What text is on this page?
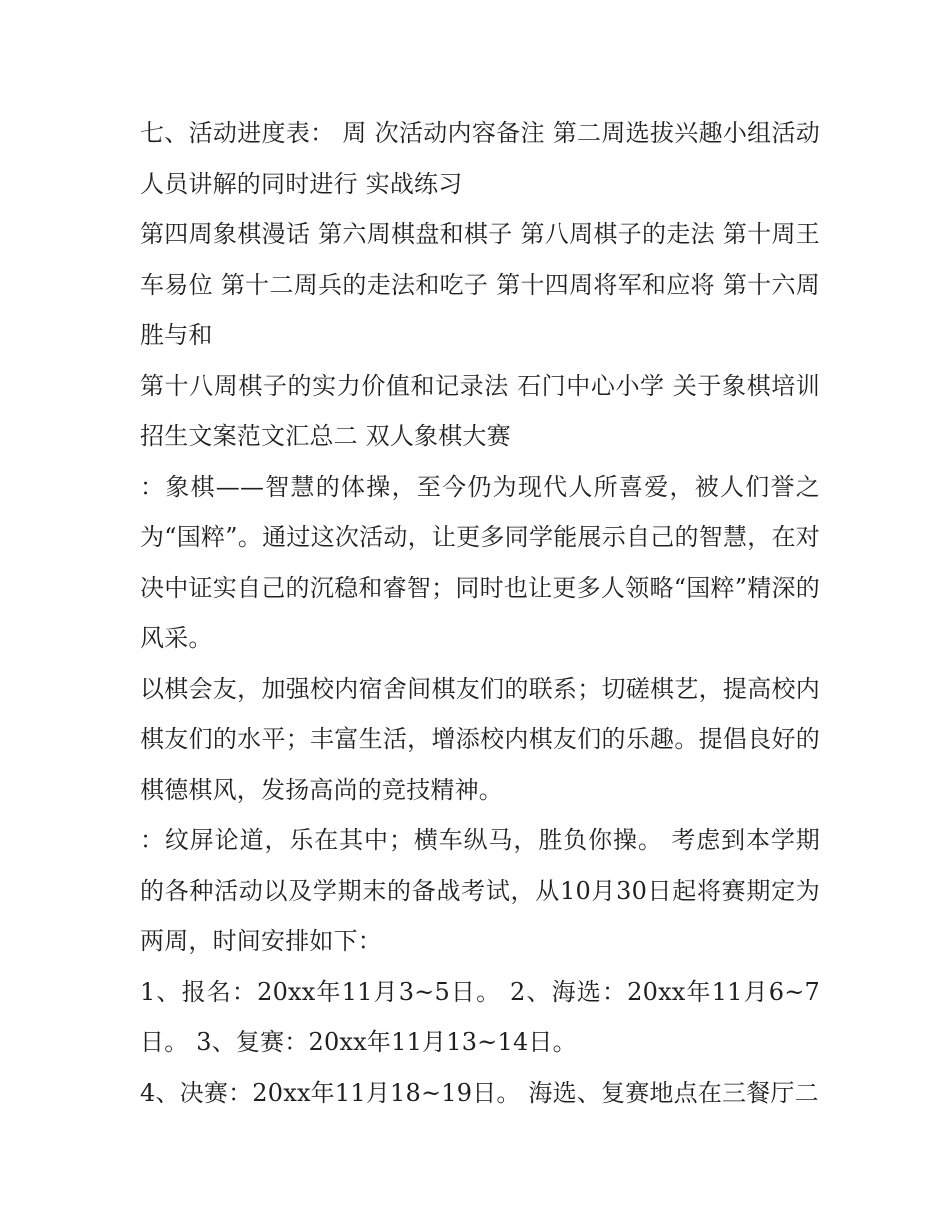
七、活动进度表： 周 次活动内容备注 第二周选拔兴趣小组活动人员讲解的同时进行 实战练习

第四周象棋漫话 第六周棋盘和棋子 第八周棋子的走法 第十周王车易位 第十二周兵的走法和吃子 第十四周将军和应将 第十六周胜与和

第十八周棋子的实力价值和记录法 石门中心小学 关于象棋培训招生文案范文汇总二 双人象棋大赛

：象棋——智慧的体操，至今仍为现代人所喜爱，被人们誉之为“国粹”。通过这次活动，让更多同学能展示自己的智慧，在对决中证实自己的沉稳和睿智；同时也让更多人领略“国粹”精深的风采。

以棋会友，加强校内宿舍间棋友们的联系；切磋棋艺，提高校内棋友们的水平；丰富生活，增添校内棋友们的乐趣。提倡良好的棋德棋风，发扬高尚的竞技精神。

：纹屏论道，乐在其中；横车纵马，胜负你操。 考虑到本学期的各种活动以及学期末的备战考试，从10月30日起将赛期定为两周，时间安排如下：

1、报名：20xx年11月3~5日。 2、海选：20xx年11月6~7日。 3、复赛：20xx年11月13~14日。

4、决赛：20xx年11月18~19日。 海选、复赛地点在三餐厅二
